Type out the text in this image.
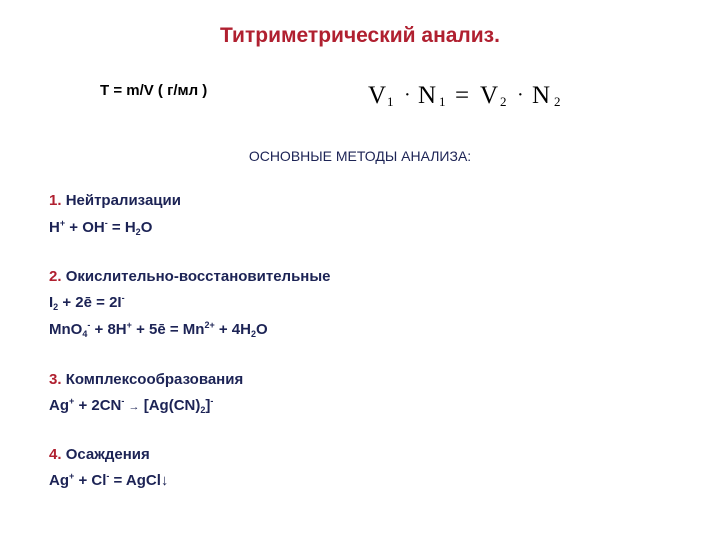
Титриметрический анализ.
T = m/V ( г/мл )	V 1 · N 1 = V 2 · N 2
ОСНОВНЫЕ МЕТОДЫ АНАЛИЗА:
1. Нейтрализации
$H^+ + OH^- = H_2O$
2. Окислительно-восстановительные
$I_2$ + 2ē = 2I-
MnO$_4$- + 8H+ + 5ē = $Mn^{2+} + 4H_2O$
3. Комплексообразования
$Ag^+ + 2CN^- \to [Ag(CN)_2]^-$
4. Осаждения
Ag+ + Cl- = AgCl↓
